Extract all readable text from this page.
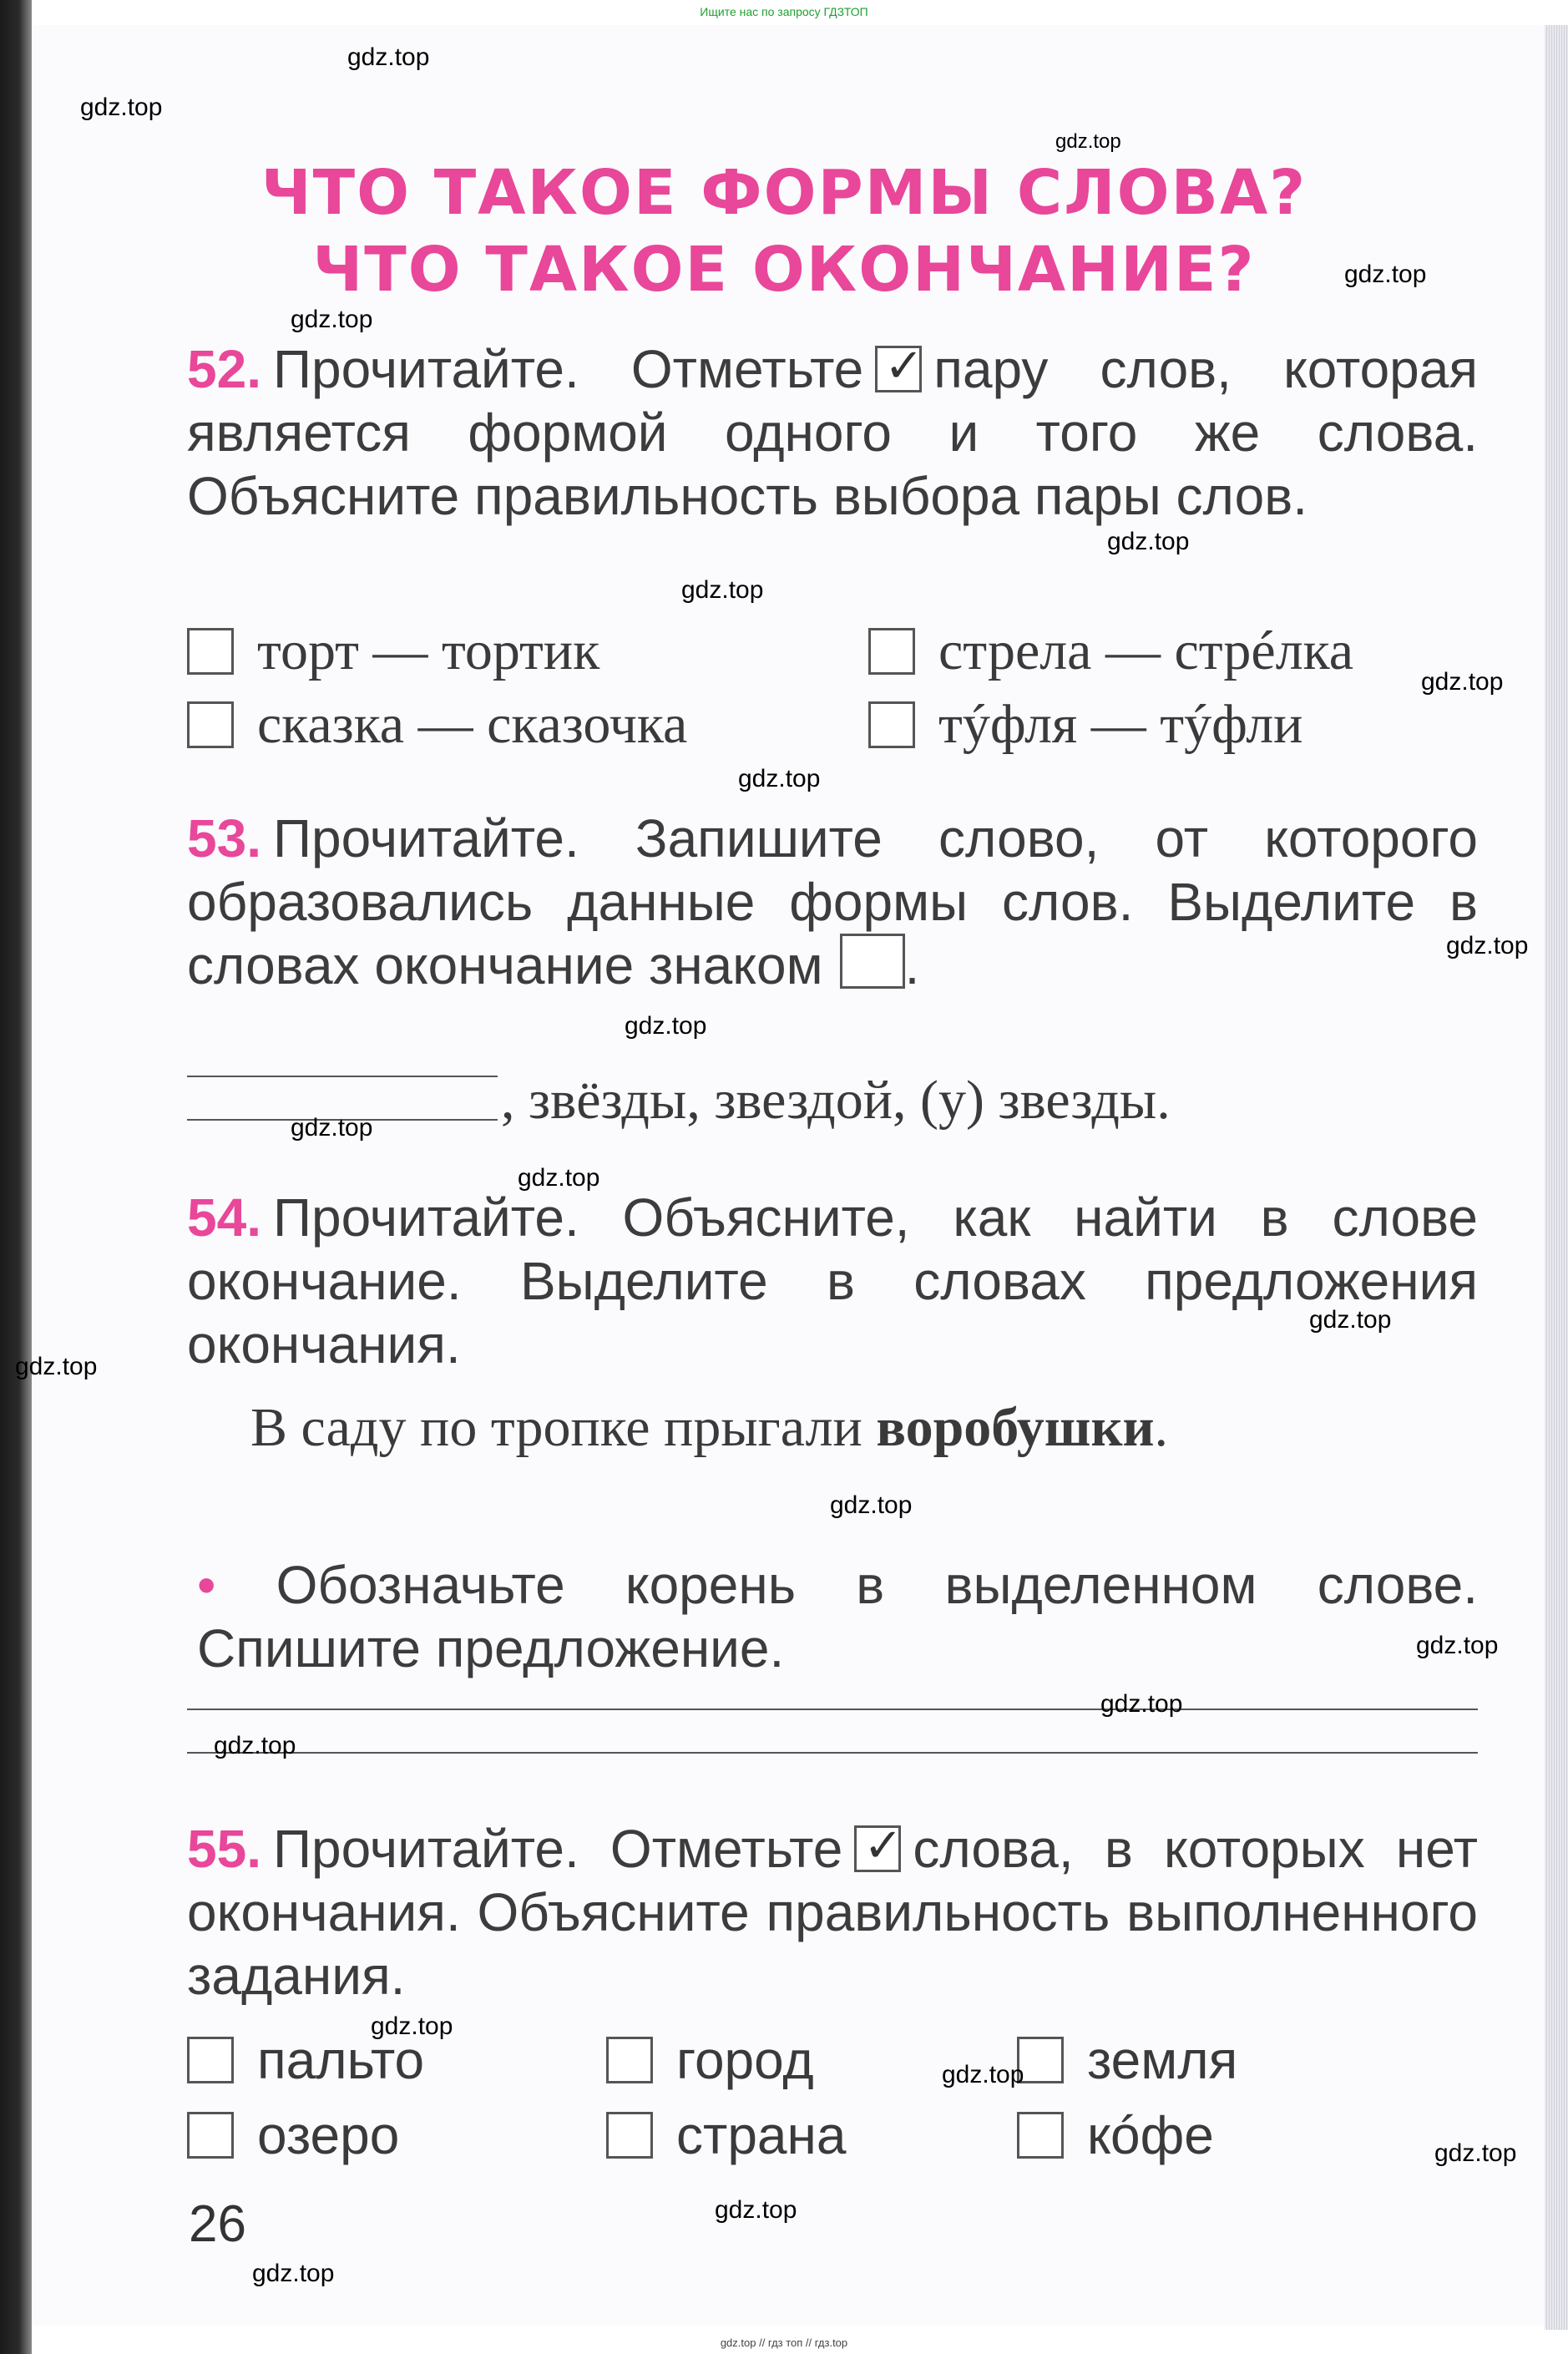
Ищите нас по запросу ГДЗТОП
ЧТО ТАКОЕ ФОРМЫ СЛОВА?
ЧТО ТАКОЕ ОКОНЧАНИЕ?
52. Прочитайте. Отметьте ✓ пару слов, которая является формой одного и того же слова. Объясните правильность выбора пары слов.
торт — тортик	стрела — стрéлка
сказка — сказочка	тýфля — тýфли
53. Прочитайте. Запишите слово, от которого образовались данные формы слов. Выделите в словах окончание знаком .
, звёзды, звездой, (у) звезды.
54. Прочитайте. Объясните, как найти в слове окончание. Выделите в словах предложения окончания.
В саду по тропке прыгали воробушки.
• Обозначьте корень в выделенном слове. Спишите предложение.
55. Прочитайте. Отметьте ✓ слова, в которых нет окончания. Объясните правильность выполненного задания.
пальто	город	земля
озеро	страна	кóфе
26
gdz.top
gdz.top
gdz.top
gdz.top
gdz.top
gdz.top
gdz.top
gdz.top
gdz.top
gdz.top
gdz.top
gdz.top
gdz.top
gdz.top
gdz.top
gdz.top
gdz.top
gdz.top
gdz.top
gdz.top
gdz.top
gdz.top
gdz.top
gdz.top
gdz.top // гдз топ // гдз.top
